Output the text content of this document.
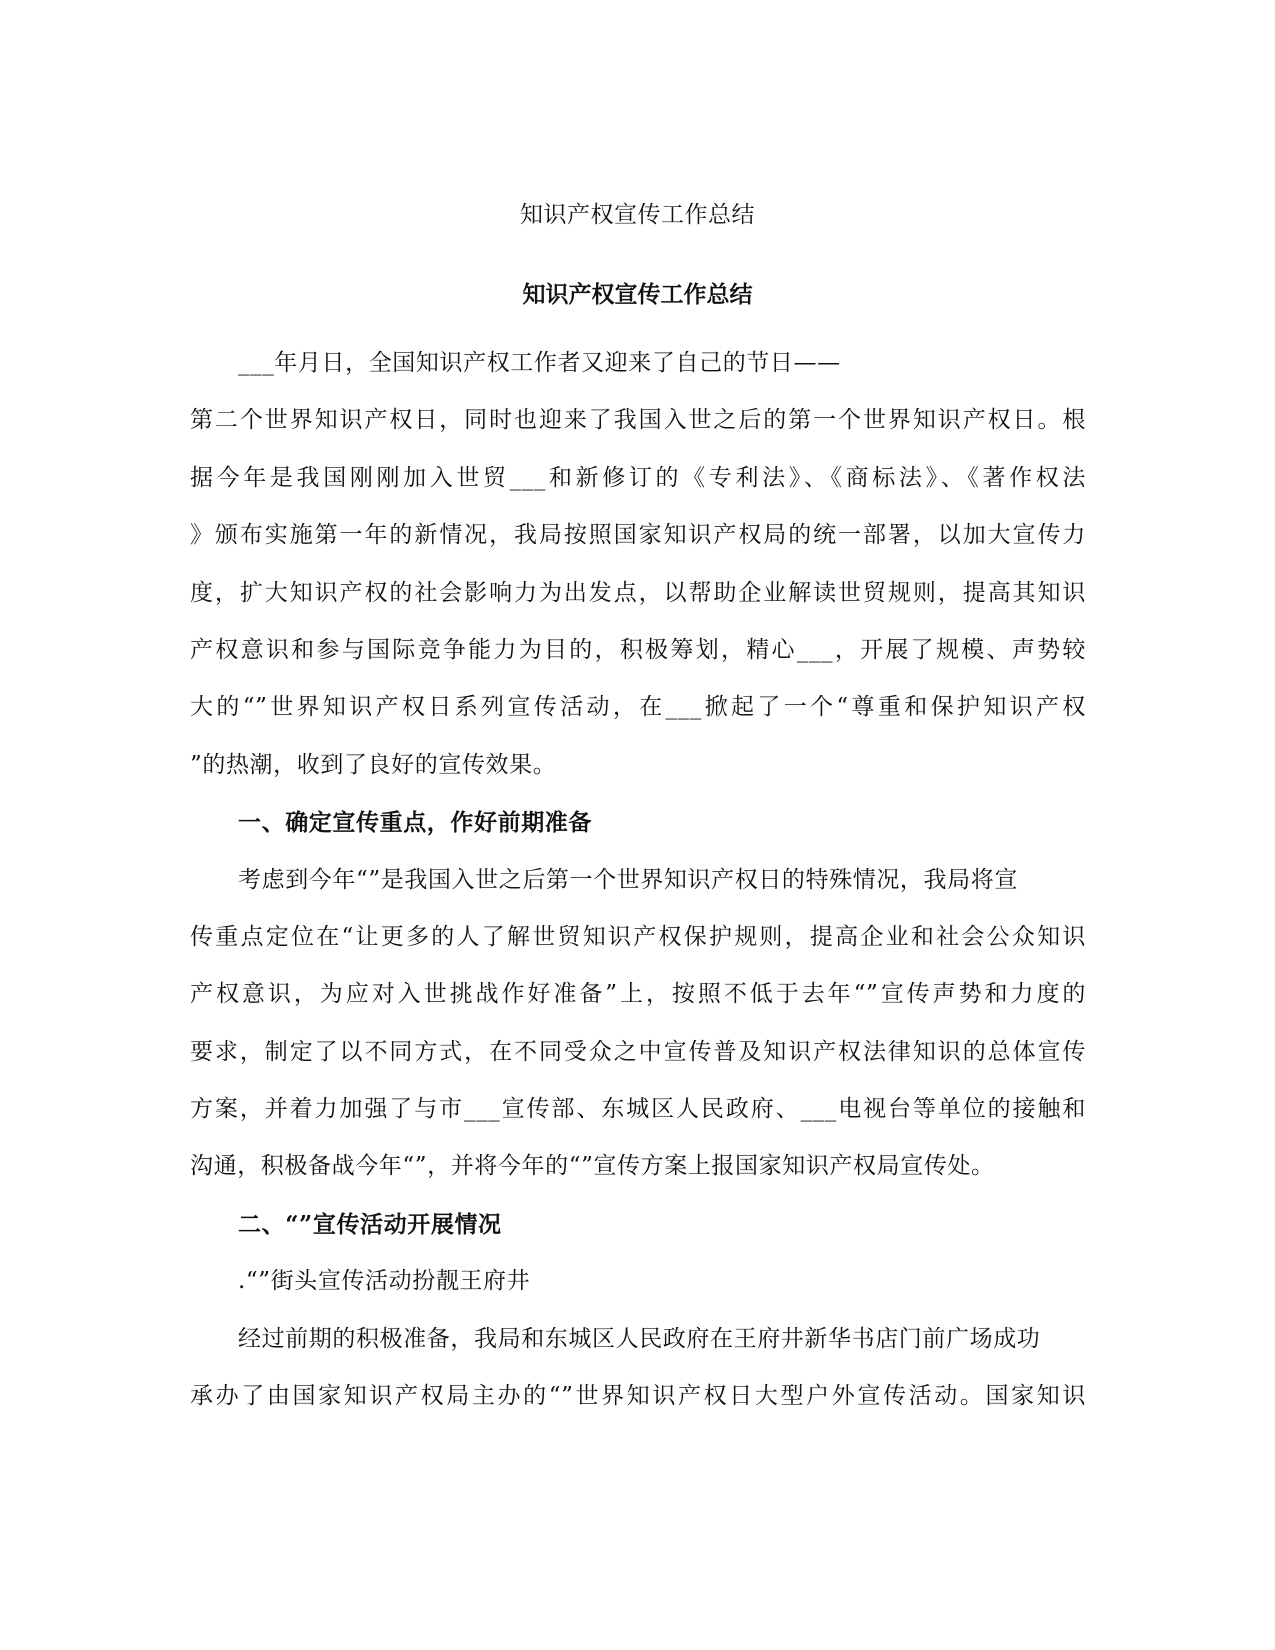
知识产权宣传工作总结
知识产权宣传工作总结
___年月日，全国知识产权工作者又迎来了自己的节日——
第二个世界知识产权日，同时也迎来了我国入世之后的第一个世界知识产权日。根
据今年是我国刚刚加入世贸___和新修订的《专利法》、《商标法》、《著作权法
》颁布实施第一年的新情况，我局按照国家知识产权局的统一部署，以加大宣传力
度，扩大知识产权的社会影响力为出发点，以帮助企业解读世贸规则，提高其知识
产权意识和参与国际竞争能力为目的，积极筹划，精心___，开展了规模、声势较
大的“”世界知识产权日系列宣传活动，在___掀起了一个“尊重和保护知识产权
”的热潮，收到了良好的宣传效果。
一、确定宣传重点，作好前期准备
考虑到今年“”是我国入世之后第一个世界知识产权日的特殊情况，我局将宣
传重点定位在“让更多的人了解世贸知识产权保护规则，提高企业和社会公众知识
产权意识，为应对入世挑战作好准备”上，按照不低于去年“”宣传声势和力度的
要求，制定了以不同方式，在不同受众之中宣传普及知识产权法律知识的总体宣传
方案，并着力加强了与市___宣传部、东城区人民政府、___电视台等单位的接触和
沟通，积极备战今年“”，并将今年的“”宣传方案上报国家知识产权局宣传处。
二、“”宣传活动开展情况
.“”街头宣传活动扮靓王府井
经过前期的积极准备，我局和东城区人民政府在王府井新华书店门前广场成功
承办了由国家知识产权局主办的“”世界知识产权日大型户外宣传活动。国家知识
